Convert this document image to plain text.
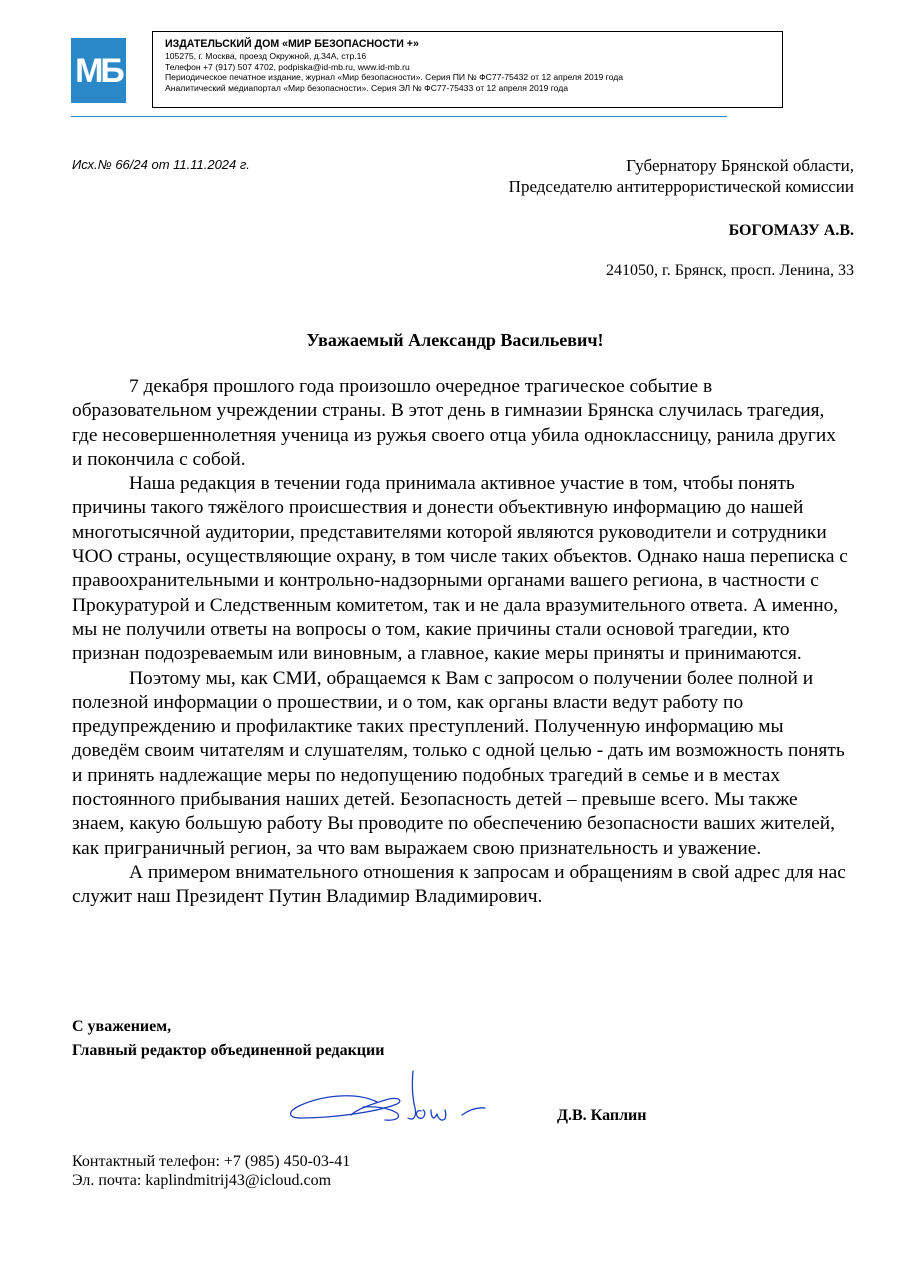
МБ
ИЗДАТЕЛЬСКИЙ ДОМ «МИР БЕЗОПАСНОСТИ +»
105275, г. Москва, проезд Окружной, д.34А, стр.16
Телефон +7 (917) 507 4702, podpiska@id-mb.ru, www.id-mb.ru
Периодическое печатное издание, журнал «Мир безопасности». Серия ПИ № ФС77-75432 от 12 апреля 2019 года
Аналитический медиапортал «Мир безопасности». Серия ЭЛ № ФС77-75433 от 12 апреля 2019 года
Исх.№ 66/24 от 11.11.2024 г.	Губернатору Брянской области,
Председателю антитеррористической комиссии
БОГОМАЗУ А.В.
241050, г. Брянск, просп. Ленина, 33
Уважаемый Александр Васильевич!

7 декабря прошлого года произошло очередное трагическое событие в образовательном учреждении страны. В этот день в гимназии Брянска случилась трагедия, где несовершеннолетняя ученица из ружья своего отца убила одноклассницу, ранила других и покончила с собой.

Наша редакция в течении года принимала активное участие в том, чтобы понять причины такого тяжёлого происшествия и донести объективную информацию до нашей многотысячной аудитории, представителями которой являются руководители и сотрудники ЧОО страны, осуществляющие охрану, в том числе таких объектов. Однако наша переписка с правоохранительными и контрольно-надзорными органами вашего региона, в частности с Прокуратурой и Следственным комитетом, так и не дала вразумительного ответа. А именно, мы не получили ответы на вопросы о том, какие причины стали основой трагедии, кто признан подозреваемым или виновным, а главное, какие меры приняты и принимаются.

Поэтому мы, как СМИ, обращаемся к Вам с запросом о получении более полной и полезной информации о прошествии, и о том, как органы власти ведут работу по предупреждению и профилактике таких преступлений. Полученную информацию мы доведём своим читателям и слушателям, только с одной целью - дать им возможность понять и принять надлежащие меры по недопущению подобных трагедий в семье и в местах постоянного прибывания наших детей. Безопасность детей – превыше всего. Мы также знаем, какую большую работу Вы проводите по обеспечению безопасности ваших жителей, как приграничный регион, за что вам выражаем свою признательность и уважение.

А примером внимательного отношения к запросам и обращениям в свой адрес для нас служит наш Президент Путин Владимир Владимирович.

С уважением,
Главный редактор объединенной редакции
Д.В. Каплин
Контактный телефон: +7 (985) 450-03-41
Эл. почта: kaplindmitrij43@icloud.com
